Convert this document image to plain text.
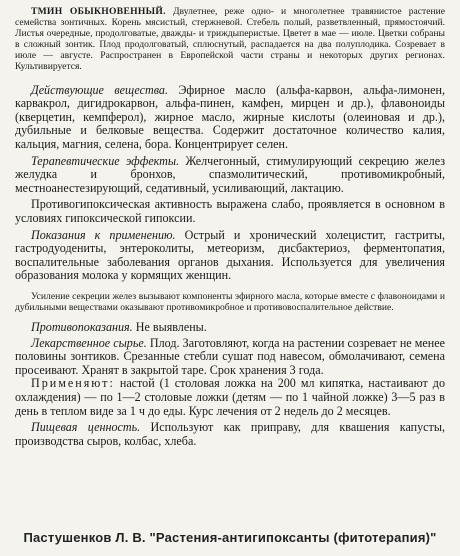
ТМИН ОБЫКНОВЕННЫЙ. Двулетнее, реже одно- и многолетнее травянистое растение семейства зонтичных. Корень мясистый, стержневой. Стебель полый, разветвленный, прямостоячий. Листья очередные, продолговатые, дважды- и триждыперистые. Цветет в мае — июле. Цветки собраны в сложный зонтик. Плод продолговатый, сплюснутый, распадается на два полуплодика. Созревает в июле — августе. Распространен в Европейской части страны и некоторых других регионах. Культивируется.

Действующие вещества. Эфирное масло (альфа-карвон, альфа-лимонен, карвакрол, дигидрокарвон, альфа-пинен, камфен, мирцен и др.), флавоноиды (кверцетин, кемпферол), жирное масло, жирные кислоты (олеиновая и др.), дубильные и белковые вещества. Содержит достаточное количество калия, кальция, магния, селена, бора. Концентрирует селен.

Терапевтические эффекты. Желчегонный, стимулирующий секрецию желез желудка и бронхов, спазмолитический, противомикробный, местноанестезирующий, седативный, усиливающий, лактацию.

Противогипоксическая активность выражена слабо, проявляется в основном в условиях гипоксической гипоксии.

Показания к применению. Острый и хронический холецистит, гастриты, гастродуодениты, энтероколиты, метеоризм, дисбактериоз, ферментопатия, воспалительные заболевания органов дыхания. Используется для увеличения образования молока у кормящих женщин.

Усиление секреции желез вызывают компоненты эфирного масла, которые вместе с флавоноидами и дубильными веществами оказывают противомикробное и противовоспалительное действие.

Противопоказания. Не выявлены.

Лекарственное сырье. Плод. Заготовляют, когда на растении созревает не менее половины зонтиков. Срезанные стебли сушат под навесом, обмолачивают, семена просеивают. Хранят в закрытой таре. Срок хранения 3 года.

Применяют: настой (1 столовая ложка на 200 мл кипятка, настаивают до охлаждения) — по 1—2 столовые ложки (детям — по 1 чайной ложке) 3—5 раз в день в теплом виде за 1 ч до еды. Курс лечения от 2 недель до 2 месяцев.

Пищевая ценность. Используют как приправу, для квашения капусты, производства сыров, колбас, хлеба.

Пастушенков Л. В. "Растения-антигипоксанты (фитотерапия)"
